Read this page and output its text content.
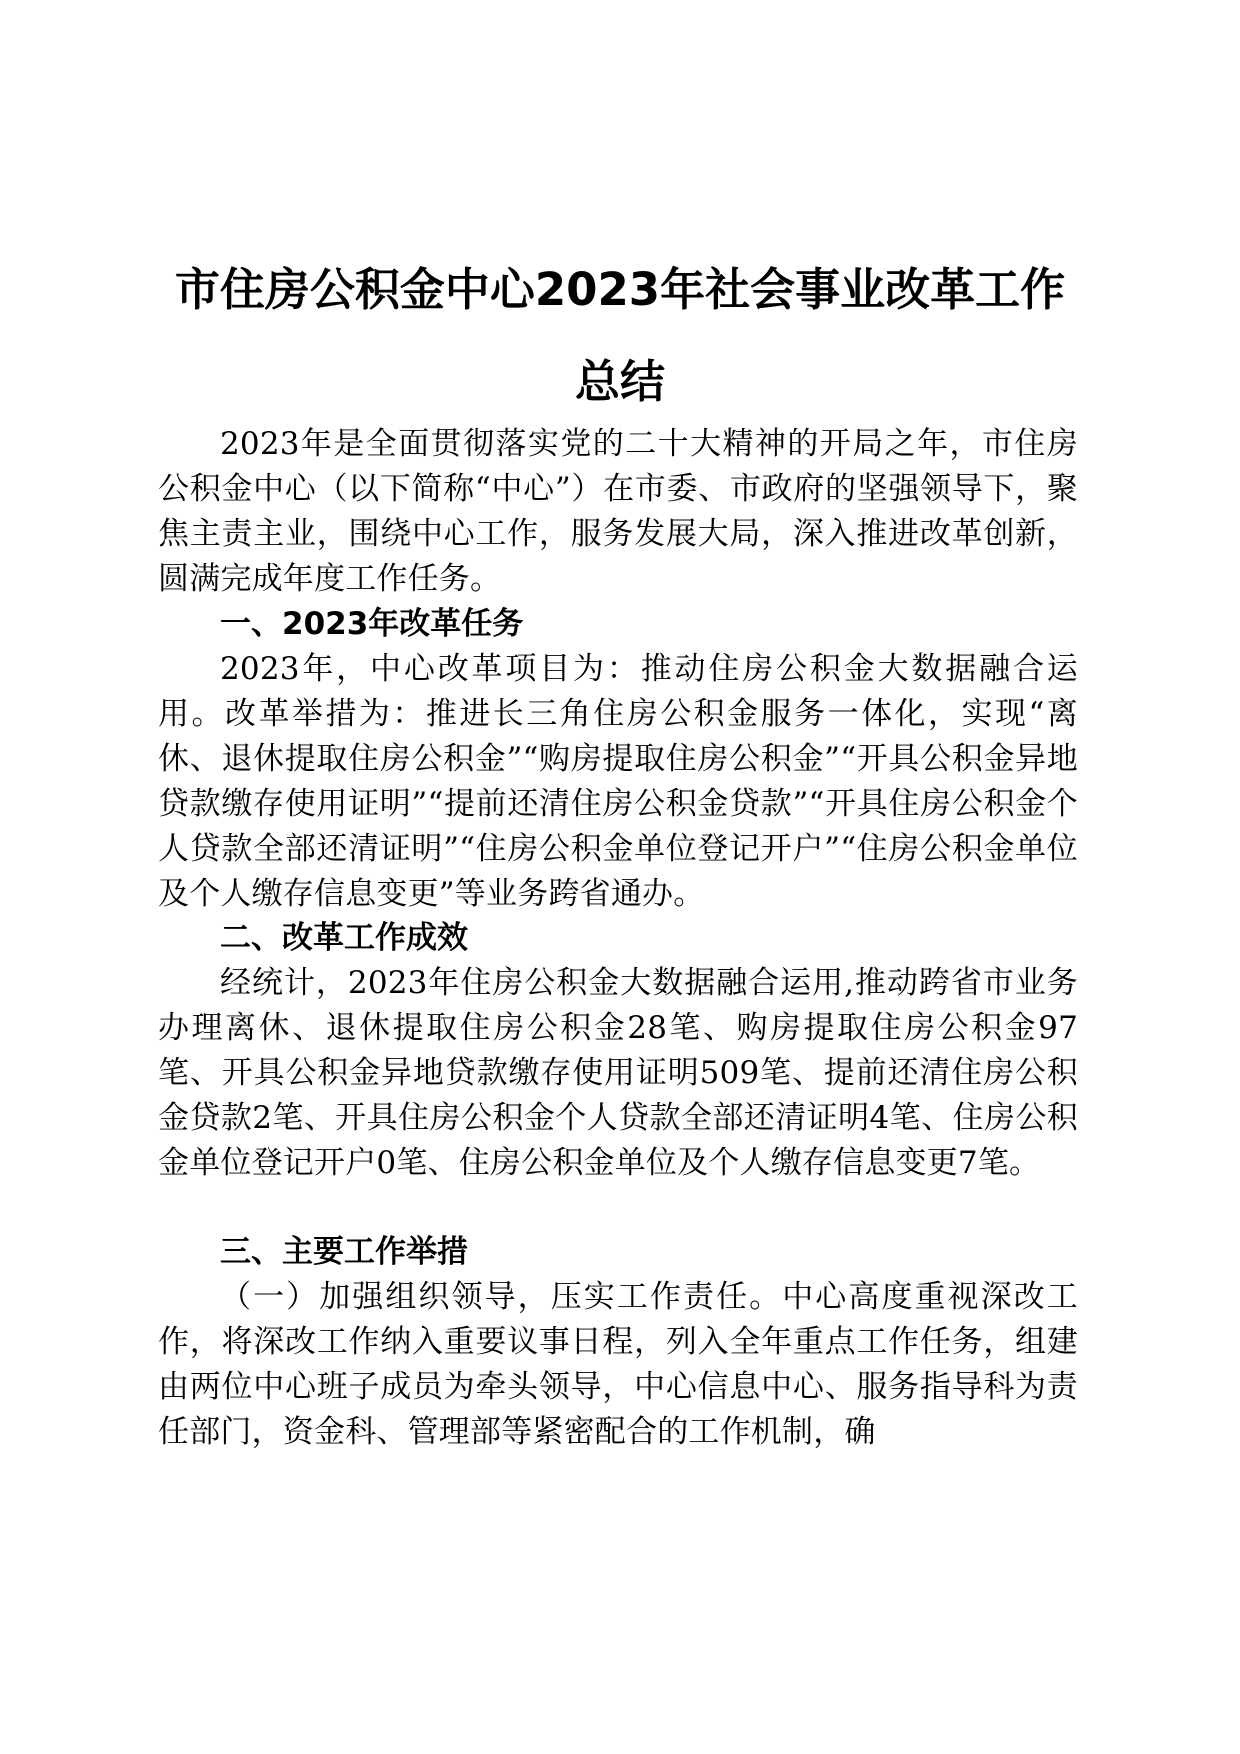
市住房公积金中心2023年社会事业改革工作
总结

2023年是全面贯彻落实党的二十大精神的开局之年，市住房公积金中心（以下简称“中心”）在市委、市政府的坚强领导下，聚焦主责主业，围绕中心工作，服务发展大局，深入推进改革创新，圆满完成年度工作任务。

一、2023年改革任务

2023年，中心改革项目为：推动住房公积金大数据融合运用。改革举措为：推进长三角住房公积金服务一体化，实现“离休、退休提取住房公积金”“购房提取住房公积金”“开具公积金异地贷款缴存使用证明”“提前还清住房公积金贷款”“开具住房公积金个人贷款全部还清证明”“住房公积金单位登记开户”“住房公积金单位及个人缴存信息变更”等业务跨省通办。

二、改革工作成效

经统计，2023年住房公积金大数据融合运用,推动跨省市业务办理离休、退休提取住房公积金28笔、购房提取住房公积金97笔、开具公积金异地贷款缴存使用证明509笔、提前还清住房公积金贷款2笔、开具住房公积金个人贷款全部还清证明4笔、住房公积金单位登记开户0笔、住房公积金单位及个人缴存信息变更7笔。

三、主要工作举措

（一）加强组织领导，压实工作责任。中心高度重视深改工作，将深改工作纳入重要议事日程，列入全年重点工作任务，组建由两位中心班子成员为牵头领导，中心信息中心、服务指导科为责任部门，资金科、管理部等紧密配合的工作机制，确
